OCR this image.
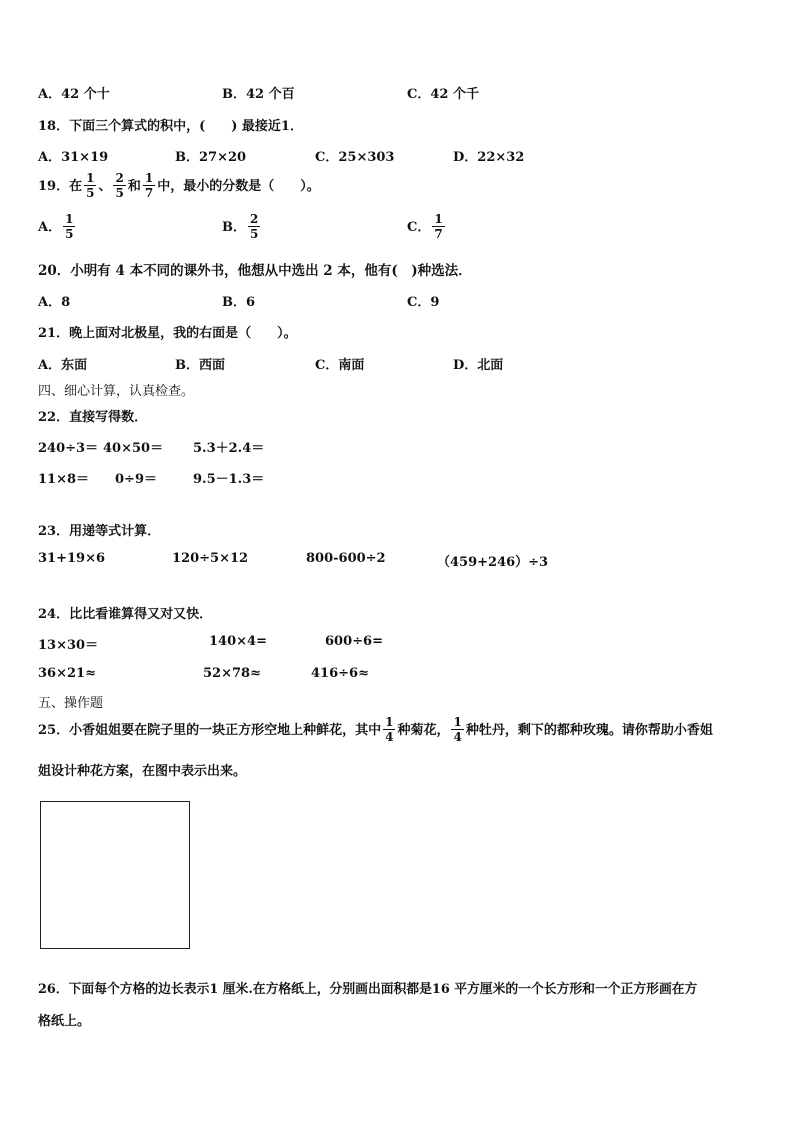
A．42 个十	B．42 个百	C．42 个千
18．下面三个算式的积中，(　　) 最接近1．
A．31×19	B．27×20	C．25×303	D．22×32
19．在 $\frac{1}{5}$ 、 $\frac{2}{5}$ 和 $\frac{1}{7}$ 中，最小的分数是（　　）。
A． $\frac{1}{5}$	B． $\frac{2}{5}$	C． $\frac{1}{7}$
20．小明有 4 本不同的课外书，他想从中选出 2 本，他有(　)种选法．
A．8	B．6	C．9
21．晚上面对北极星，我的右面是（　　）。
A．东面	B．西面	C．南面	D．北面
四、细心计算，认真检查。
22．直接写得数．
240÷3＝ 40×50＝ 5.3＋2.4＝
11×8＝ 0÷9＝	9.5－1.3＝
23．用递等式计算．
31+19×6	120÷5×12	800-600÷2	（459+246）÷3
24．比比看谁算得又对又快．
13×30＝	140×4=	600÷6=
36×21≈	52×78≈	416÷6≈
五、操作题
25．小香姐姐要在院子里的一块正方形空地上种鲜花，其中 $\frac{1}{4}$ 种菊花， $\frac{1}{4}$ 种牡丹，剩下的都种玫瑰。请你帮助小香姐
姐设计种花方案，在图中表示出来。
26．下面每个方格的边长表示1 厘米.在方格纸上，分别画出面积都是16 平方厘米的一个长方形和一个正方形画在方
格纸上。
